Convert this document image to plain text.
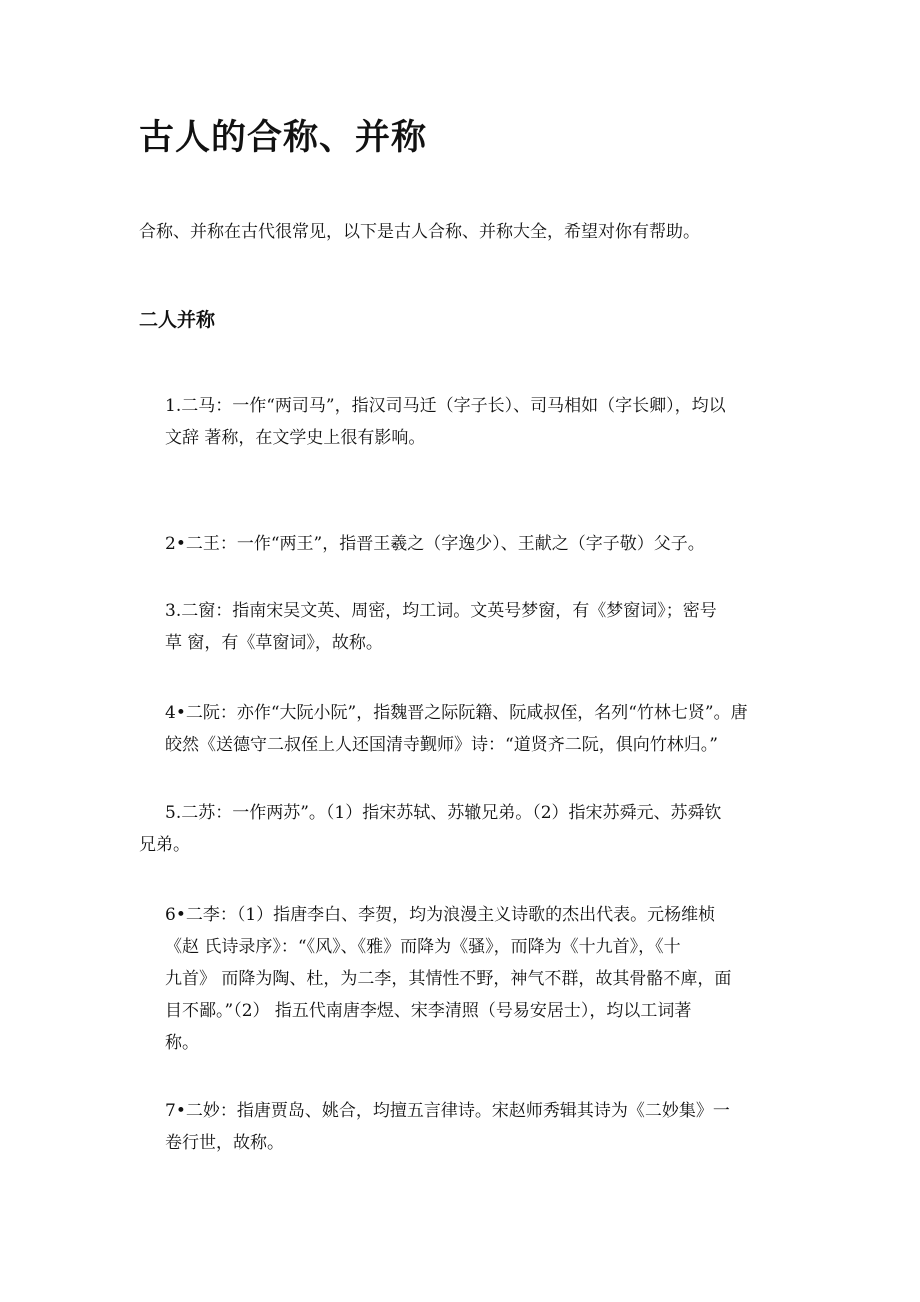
古人的合称、并称

合称、并称在古代很常见，以下是古人合称、并称大全，希望对你有帮助。

二人并称

1.二马：一作“两司马”，指汉司马迁（字子长）、司马相如（字长卿），均以
文辞 著称，在文学史上很有影响。

2•二王：一作“两王”，指晋王羲之（字逸少）、王献之（字子敬）父子。

3.二窗：指南宋吴文英、周密，均工词。文英号梦窗，有《梦窗词》；密号
草 窗，有《草窗词》，故称。

4•二阮：亦作“大阮小阮”，指魏晋之际阮籍、阮咸叔侄，名列“竹林七贤”。唐
皎然《送德守二叔侄上人还国清寺觐师》诗：“道贤齐二阮，俱向竹林归。”

5.二苏：一作两苏”。（1）指宋苏轼、苏辙兄弟。（2）指宋苏舜元、苏舜钦
兄弟。

6•二李：（1）指唐李白、李贺，均为浪漫主义诗歌的杰出代表。元杨维桢
《赵 氏诗录序》：“《风》、《雅》而降为《骚》，而降为《十九首》，《十
九首》 而降为陶、杜，为二李，其情性不野，神气不群，故其骨骼不庳，面
目不鄙。”（2） 指五代南唐李煜、宋李清照（号易安居士），均以工词著
称。

7•二妙：指唐贾岛、姚合，均擅五言律诗。宋赵师秀辑其诗为《二妙集》一
卷行世，故称。
